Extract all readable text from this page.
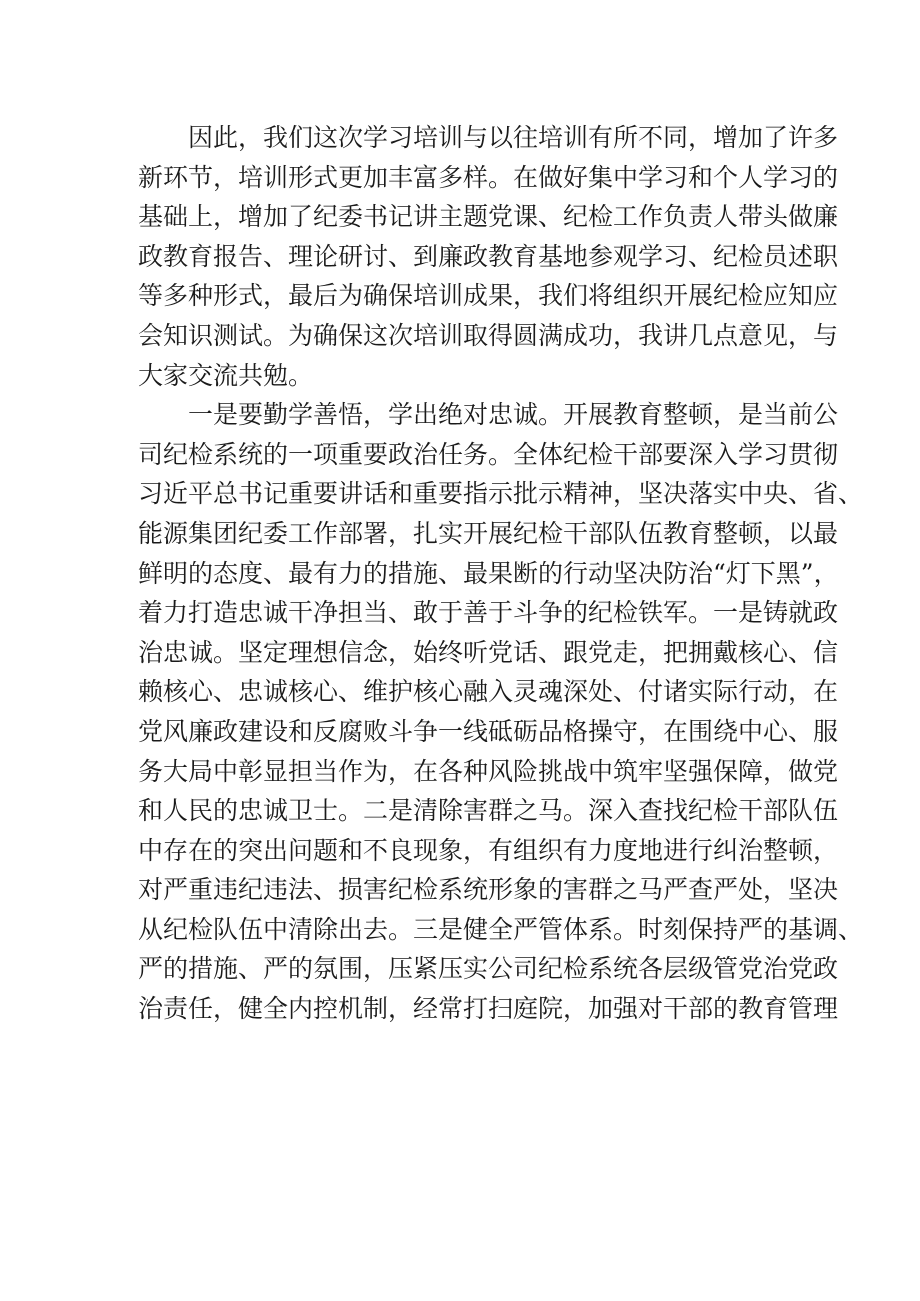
因此，我们这次学习培训与以往培训有所不同，增加了许多
新环节，培训形式更加丰富多样。在做好集中学习和个人学习的
基础上，增加了纪委书记讲主题党课、纪检工作负责人带头做廉
政教育报告、理论研讨、到廉政教育基地参观学习、纪检员述职
等多种形式，最后为确保培训成果，我们将组织开展纪检应知应
会知识测试。为确保这次培训取得圆满成功，我讲几点意见，与
大家交流共勉。
一是要勤学善悟，学出绝对忠诚。开展教育整顿，是当前公
司纪检系统的一项重要政治任务。全体纪检干部要深入学习贯彻
习近平总书记重要讲话和重要指示批示精神，坚决落实中央、省、
能源集团纪委工作部署，扎实开展纪检干部队伍教育整顿，以最
鲜明的态度、最有力的措施、最果断的行动坚决防治“灯下黑”，
着力打造忠诚干净担当、敢于善于斗争的纪检铁军。一是铸就政
治忠诚。坚定理想信念，始终听党话、跟党走，把拥戴核心、信
赖核心、忠诚核心、维护核心融入灵魂深处、付诸实际行动，在
党风廉政建设和反腐败斗争一线砥砺品格操守，在围绕中心、服
务大局中彰显担当作为，在各种风险挑战中筑牢坚强保障，做党
和人民的忠诚卫士。二是清除害群之马。深入查找纪检干部队伍
中存在的突出问题和不良现象，有组织有力度地进行纠治整顿，
对严重违纪违法、损害纪检系统形象的害群之马严查严处，坚决
从纪检队伍中清除出去。三是健全严管体系。时刻保持严的基调、
严的措施、严的氛围，压紧压实公司纪检系统各层级管党治党政
治责任，健全内控机制，经常打扫庭院，加强对干部的教育管理
